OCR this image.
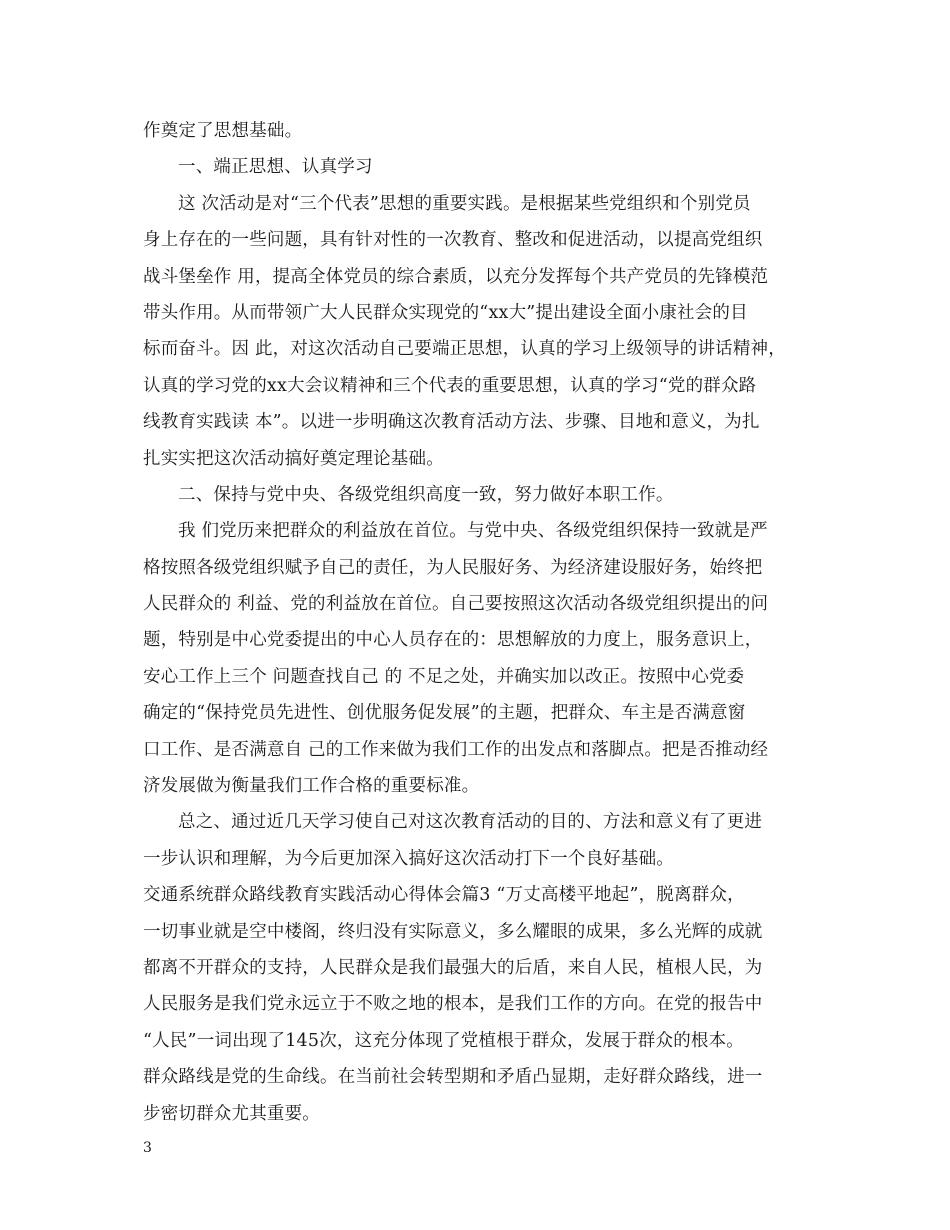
作奠定了思想基础。
一、端正思想、认真学习
这 次活动是对“三个代表”思想的重要实践。是根据某些党组织和个别党员
身上存在的一些问题，具有针对性的一次教育、整改和促进活动，以提高党组织
战斗堡垒作 用，提高全体党员的综合素质，以充分发挥每个共产党员的先锋模范
带头作用。从而带领广大人民群众实现党的“xx大”提出建设全面小康社会的目
标而奋斗。因 此，对这次活动自己要端正思想，认真的学习上级领导的讲话精神，
认真的学习党的xx大会议精神和三个代表的重要思想，认真的学习“党的群众路
线教育实践读 本”。以进一步明确这次教育活动方法、步骤、目地和意义，为扎
扎实实把这次活动搞好奠定理论基础。
二、保持与党中央、各级党组织高度一致，努力做好本职工作。
我 们党历来把群众的利益放在首位。与党中央、各级党组织保持一致就是严
格按照各级党组织赋予自己的责任，为人民服好务、为经济建设服好务，始终把
人民群众的 利益、党的利益放在首位。自己要按照这次活动各级党组织提出的问
题，特别是中心党委提出的中心人员存在的：思想解放的力度上，服务意识上，
安心工作上三个 问题查找自己 的 不足之处，并确实加以改正。按照中心党委
确定的“保持党员先进性、创优服务促发展”的主题，把群众、车主是否满意窗
口工作、是否满意自 己的工作来做为我们工作的出发点和落脚点。把是否推动经
济发展做为衡量我们工作合格的重要标准。
总之、通过近几天学习使自己对这次教育活动的目的、方法和意义有了更进
一步认识和理解，为今后更加深入搞好这次活动打下一个良好基础。
交通系统群众路线教育实践活动心得体会篇3 “万丈高楼平地起”，脱离群众，
一切事业就是空中楼阁，终归没有实际意义，多么耀眼的成果，多么光辉的成就
都离不开群众的支持，人民群众是我们最强大的后盾，来自人民，植根人民，为
人民服务是我们党永远立于不败之地的根本，是我们工作的方向。在党的报告中
“人民”一词出现了145次，这充分体现了党植根于群众，发展于群众的根本。
群众路线是党的生命线。在当前社会转型期和矛盾凸显期，走好群众路线，进一
步密切群众尤其重要。
3
